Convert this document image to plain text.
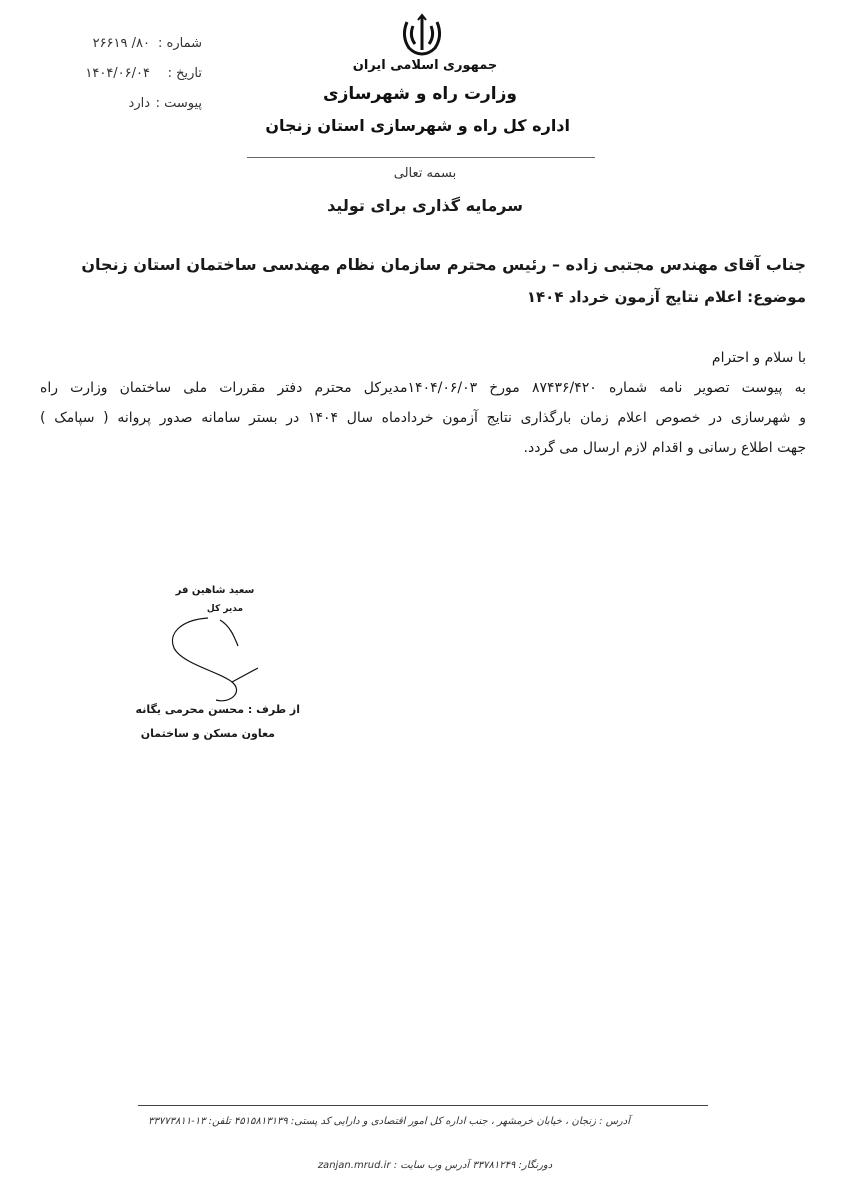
جمهوری اسلامی ایران
وزارت راه و شهرسازی
اداره کل راه و شهرسازی استان زنجان
شماره :۸۰/ ۲۶۶۱۹
تاریخ :۱۴۰۴/۰۶/۰۴
پیوست :دارد
بسمه تعالی
سرمایه گذاری برای تولید
جناب آقای مهندس مجتبی زاده – رئیس محترم سازمان نظام مهندسی ساختمان استان زنجان
موضوع: اعلام نتایج آزمون خرداد ۱۴۰۴
با سلام و احترام
به پیوست تصویر نامه شماره ۸۷۴۳۶/۴۲۰ مورخ ۱۴۰۴/۰۶/۰۳مدیرکل محترم دفتر مقررات ملی ساختمان وزارت راه
و شهرسازی در خصوص اعلام زمان بارگذاری نتایج آزمون خردادماه سال ۱۴۰۴ در بستر سامانه صدور پروانه ( سپامک )
جهت اطلاع رسانی و اقدام لازم ارسال می گردد.
سعید شاهین فر
مدیر کل
از طرف : محسن محرمی یگانه
معاون مسکن و ساختمان
آدرس : زنجان ، خیابان خرمشهر ، جنب اداره کل امور اقتصادی و دارایی کد پستی: ۴۵۱۵۸۱۳۱۳۹ تلفن: ۱۳-۳۳۷۷۳۸۱۱
دورنگار: ۳۳۷۸۱۲۴۹ آدرس وب سایت : zanjan.mrud.ir
